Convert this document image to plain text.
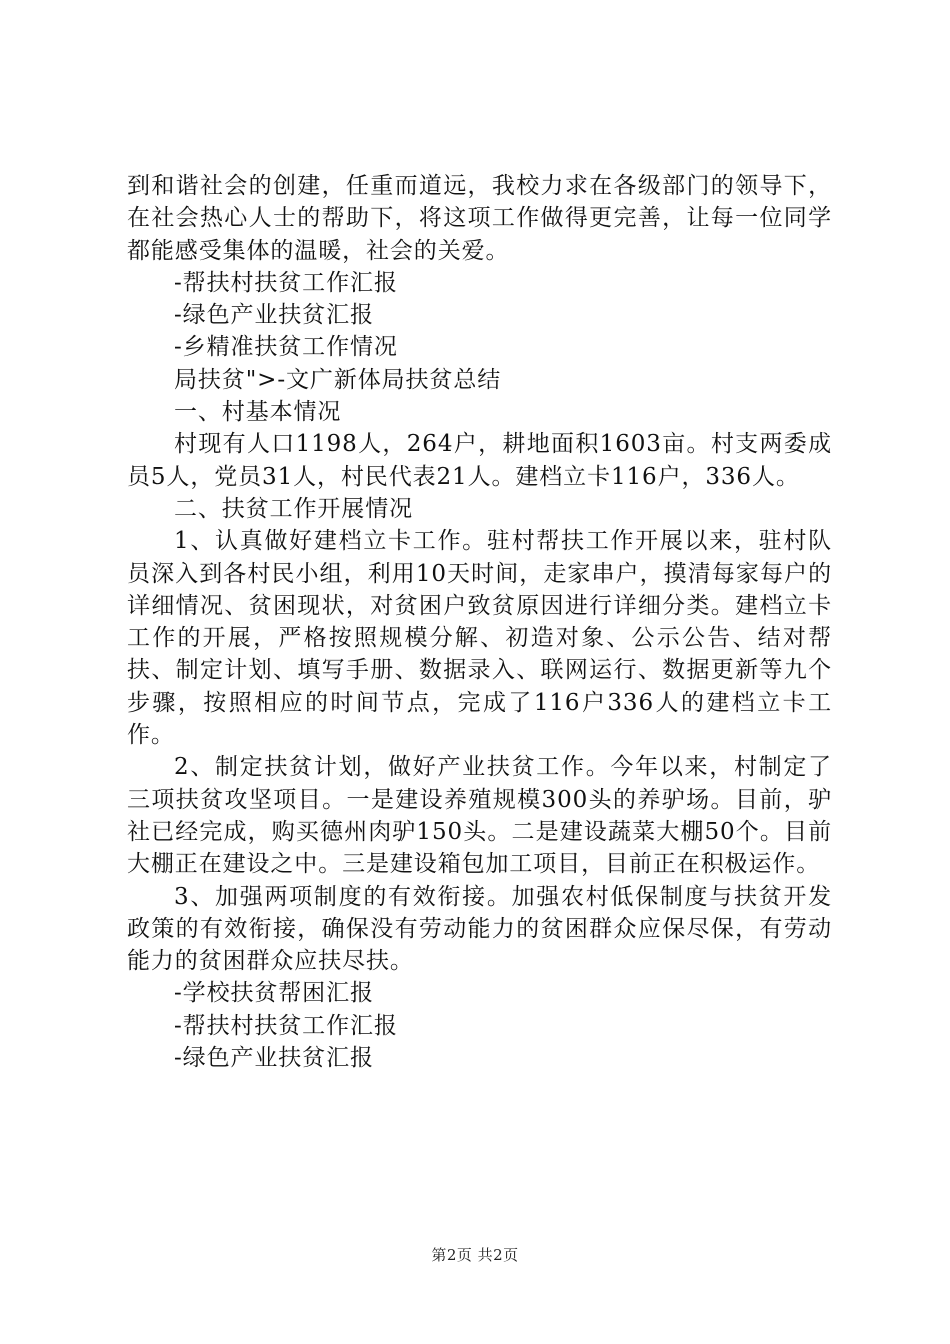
到和谐社会的创建，任重而道远，我校力求在各级部门的领导下，在社会热心人士的帮助下，将这项工作做得更完善，让每一位同学都能感受集体的温暖，社会的关爱。

-帮扶村扶贫工作汇报

-绿色产业扶贫汇报

-乡精准扶贫工作情况

局扶贫">-文广新体局扶贫总结

一、村基本情况

村现有人口1198人，264户，耕地面积1603亩。村支两委成员5人，党员31人，村民代表21人。建档立卡116户，336人。

二、扶贫工作开展情况

1、认真做好建档立卡工作。驻村帮扶工作开展以来，驻村队员深入到各村民小组，利用10天时间，走家串户，摸清每家每户的详细情况、贫困现状，对贫困户致贫原因进行详细分类。建档立卡工作的开展，严格按照规模分解、初造对象、公示公告、结对帮扶、制定计划、填写手册、数据录入、联网运行、数据更新等九个步骤，按照相应的时间节点，完成了116户336人的建档立卡工作。

2、制定扶贫计划，做好产业扶贫工作。今年以来，村制定了三项扶贫攻坚项目。一是建设养殖规模300头的养驴场。目前，驴社已经完成，购买德州肉驴150头。二是建设蔬菜大棚50个。目前大棚正在建设之中。三是建设箱包加工项目，目前正在积极运作。

3、加强两项制度的有效衔接。加强农村低保制度与扶贫开发政策的有效衔接，确保没有劳动能力的贫困群众应保尽保，有劳动能力的贫困群众应扶尽扶。

-学校扶贫帮困汇报

-帮扶村扶贫工作汇报

-绿色产业扶贫汇报

第2页 共2页
